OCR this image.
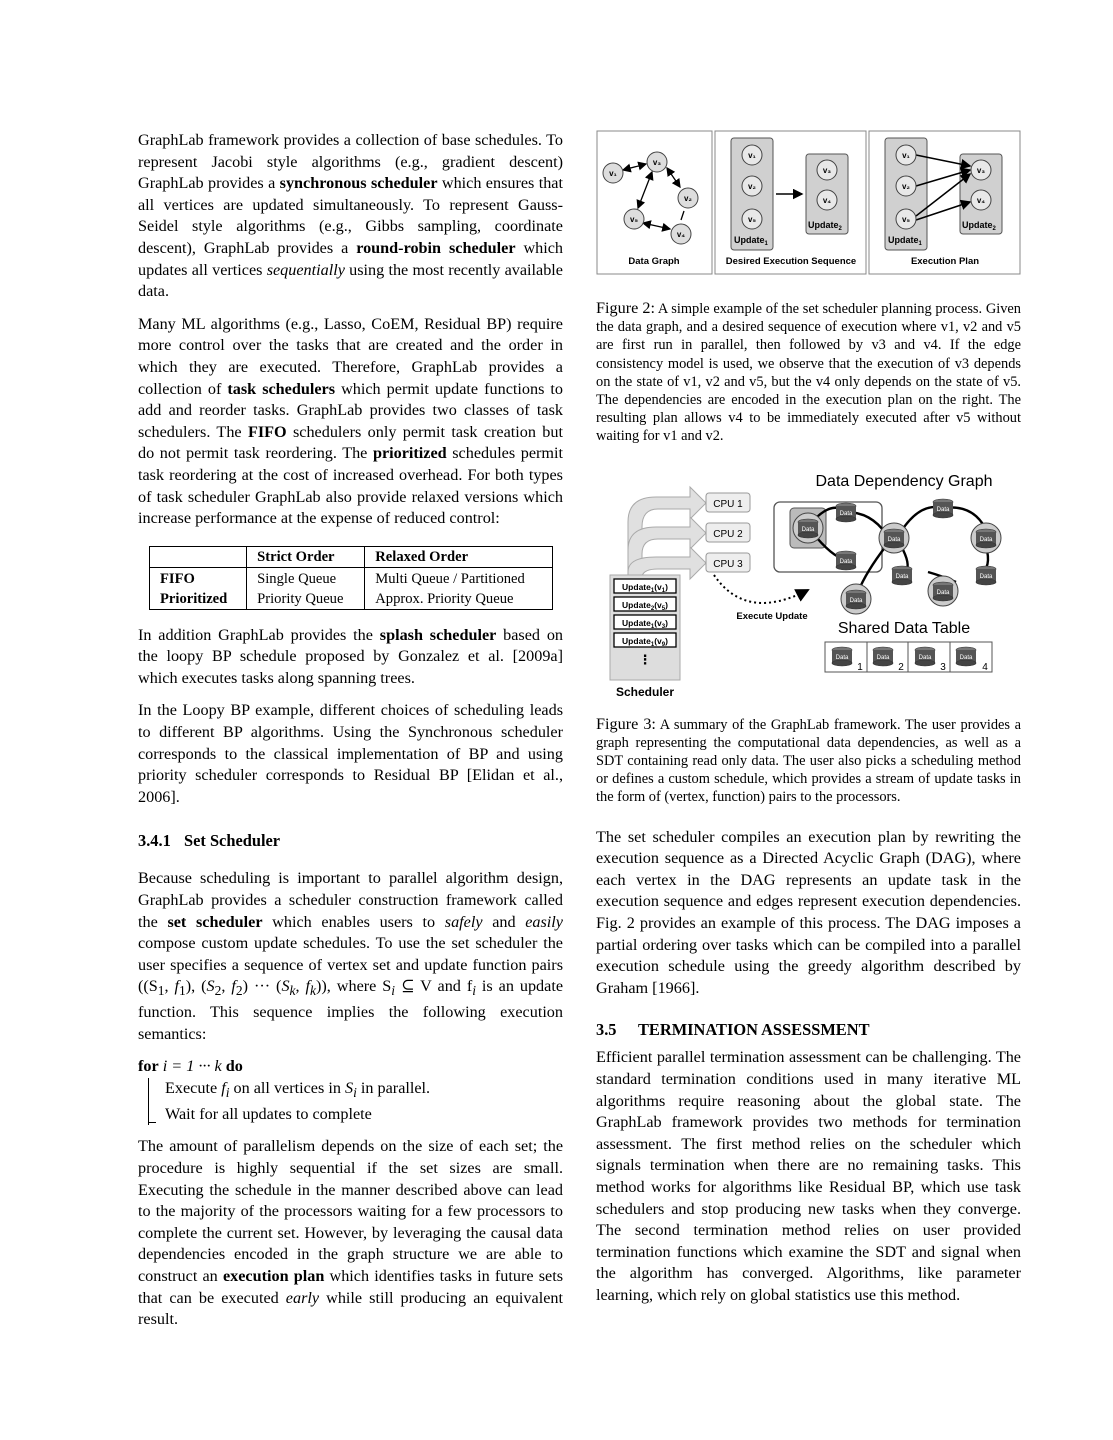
GraphLab framework provides a collection of base schedules. To represent Jacobi style algorithms (e.g., gradient descent) GraphLab provides a synchronous scheduler which ensures that all vertices are updated simultaneously. To represent Gauss-Seidel style algorithms (e.g., Gibbs sampling, coordinate descent), GraphLab provides a round-robin scheduler which updates all vertices sequentially using the most recently available data.

Many ML algorithms (e.g., Lasso, CoEM, Residual BP) require more control over the tasks that are created and the order in which they are executed. Therefore, GraphLab provides a collection of task schedulers which permit update functions to add and reorder tasks. GraphLab provides two classes of task schedulers. The FIFO schedulers only permit task creation but do not permit task reordering. The prioritized schedules permit task reordering at the cost of increased overhead. For both types of task scheduler GraphLab also provide relaxed versions which increase performance at the expense of reduced control:

	Strict Order	Relaxed Order
FIFO	Single Queue	Multi Queue / Partitioned
Prioritized	Priority Queue	Approx. Priority Queue

In addition GraphLab provides the splash scheduler based on the loopy BP schedule proposed by Gonzalez et al. [2009a] which executes tasks along spanning trees.

In the Loopy BP example, different choices of scheduling leads to different BP algorithms. Using the Synchronous scheduler corresponds to the classical implementation of BP and using priority scheduler corresponds to Residual BP [Elidan et al., 2006].

3.4.1 Set Scheduler

Because scheduling is important to parallel algorithm design, GraphLab provides a scheduler construction framework called the set scheduler which enables users to safely and easily compose custom update schedules. To use the set scheduler the user specifies a sequence of vertex set and update function pairs (($S_1$, $f_1$), ($S_2$, $f_2$) ··· ($S_k$, $f_k$)), where $S_i$ ⊆ V and $f_i$ is an update function. This sequence implies the following execution semantics:

for i = 1 ··· k do
Execute $f_i$ on all vertices in $S_i$ in parallel.
Wait for all updates to complete

The amount of parallelism depends on the size of each set; the procedure is highly sequential if the set sizes are small. Executing the schedule in the manner described above can lead to the majority of the processors waiting for a few processors to complete the current set. However, by leveraging the causal data dependencies encoded in the graph structure we are able to construct an execution plan which identifies tasks in future sets that can be executed early while still producing an equivalent result.

v₁
v₃
v₂
v₅
v₄
Data Graph
v₁
v₂
v₅
v₃
v₄
Update$_1$
Update$_2$
Desired Execution Sequence
v₁
v₂
v₅
v₃
v₄
Update$_1$
Update$_2$
Execution Plan

Figure 2: A simple example of the set scheduler planning process. Given the data graph, and a desired sequence of execution where v1, v2 and v5 are first run in parallel, then followed by v3 and v4. If the edge consistency model is used, we observe that the execution of v3 depends on the state of v1, v2 and v5, but the v4 only depends on the state of v5. The dependencies are encoded in the execution plan on the right. The resulting plan allows v4 to be immediately executed after v5 without waiting for v1 and v2.

CPU 1
CPU 2
CPU 3
$Update_1(v_1)$
$Update_2(v_5)$
$Update_1(v_3)$
$Update_1(v_9)$
⋮
Scheduler
Execute Update
Data Dependency Graph
Data
Data
Data
Data
Data
Data
Data	Data
Data
Data
Shared Data Table
Data	Data	Data	Data
1	2	3	4

Figure 3: A summary of the GraphLab framework. The user provides a graph representing the computational data dependencies, as well as a SDT containing read only data. The user also picks a scheduling method or defines a custom schedule, which provides a stream of update tasks in the form of (vertex, function) pairs to the processors.

The set scheduler compiles an execution plan by rewriting the execution sequence as a Directed Acyclic Graph (DAG), where each vertex in the DAG represents an update task in the execution sequence and edges represent execution dependencies. Fig. 2 provides an example of this process. The DAG imposes a partial ordering over tasks which can be compiled into a parallel execution schedule using the greedy algorithm described by Graham [1966].

3.5 TERMINATION ASSESSMENT

Efficient parallel termination assessment can be challenging. The standard termination conditions used in many iterative ML algorithms require reasoning about the global state. The GraphLab framework provides two methods for termination assessment. The first method relies on the scheduler which signals termination when there are no remaining tasks. This method works for algorithms like Residual BP, which use task schedulers and stop producing new tasks when they converge. The second termination method relies on user provided termination functions which examine the SDT and signal when the algorithm has converged. Algorithms, like parameter learning, which rely on global statistics use this method.
